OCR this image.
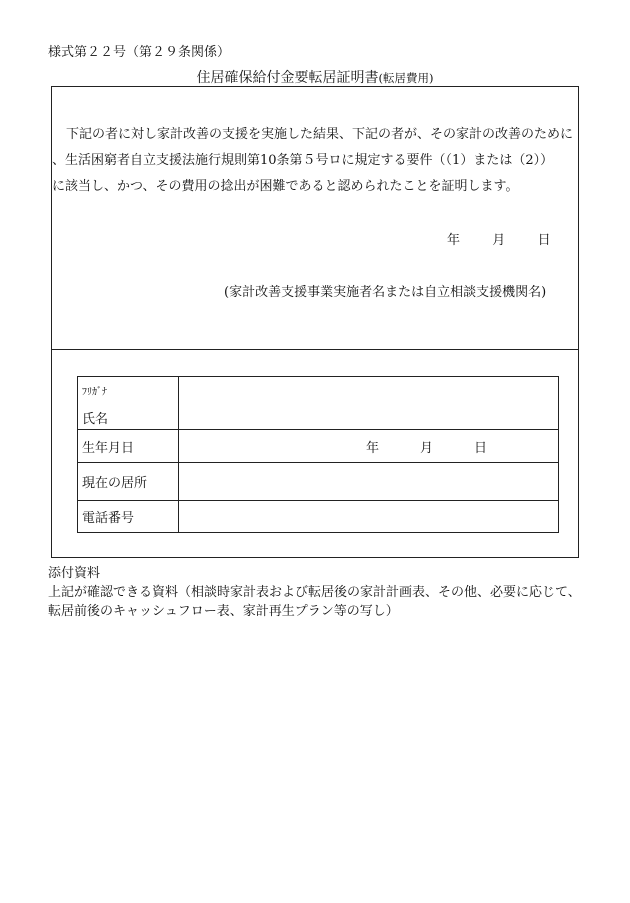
様式第２２号（第２９条関係）
住居確保給付金要転居証明書(転居費用)
下記の者に対し家計改善の支援を実施した結果、下記の者が、その家計の改善のために
、生活困窮者自立支援法施行規則第10条第５号ロに規定する要件（（1）または（2））
に該当し、かつ、その費用の捻出が困難であると認められたことを証明します。
年 月 日
(家計改善支援事業実施者名または自立相談支援機関名)
ﾌﾘｶﾞﾅ
氏名	

生年月日	年 月 日
現在の居所	
電話番号	
添付資料
上記が確認できる資料（相談時家計表および転居後の家計計画表、その他、必要に応じて、
転居前後のキャッシュフロー表、家計再生プラン等の写し）
